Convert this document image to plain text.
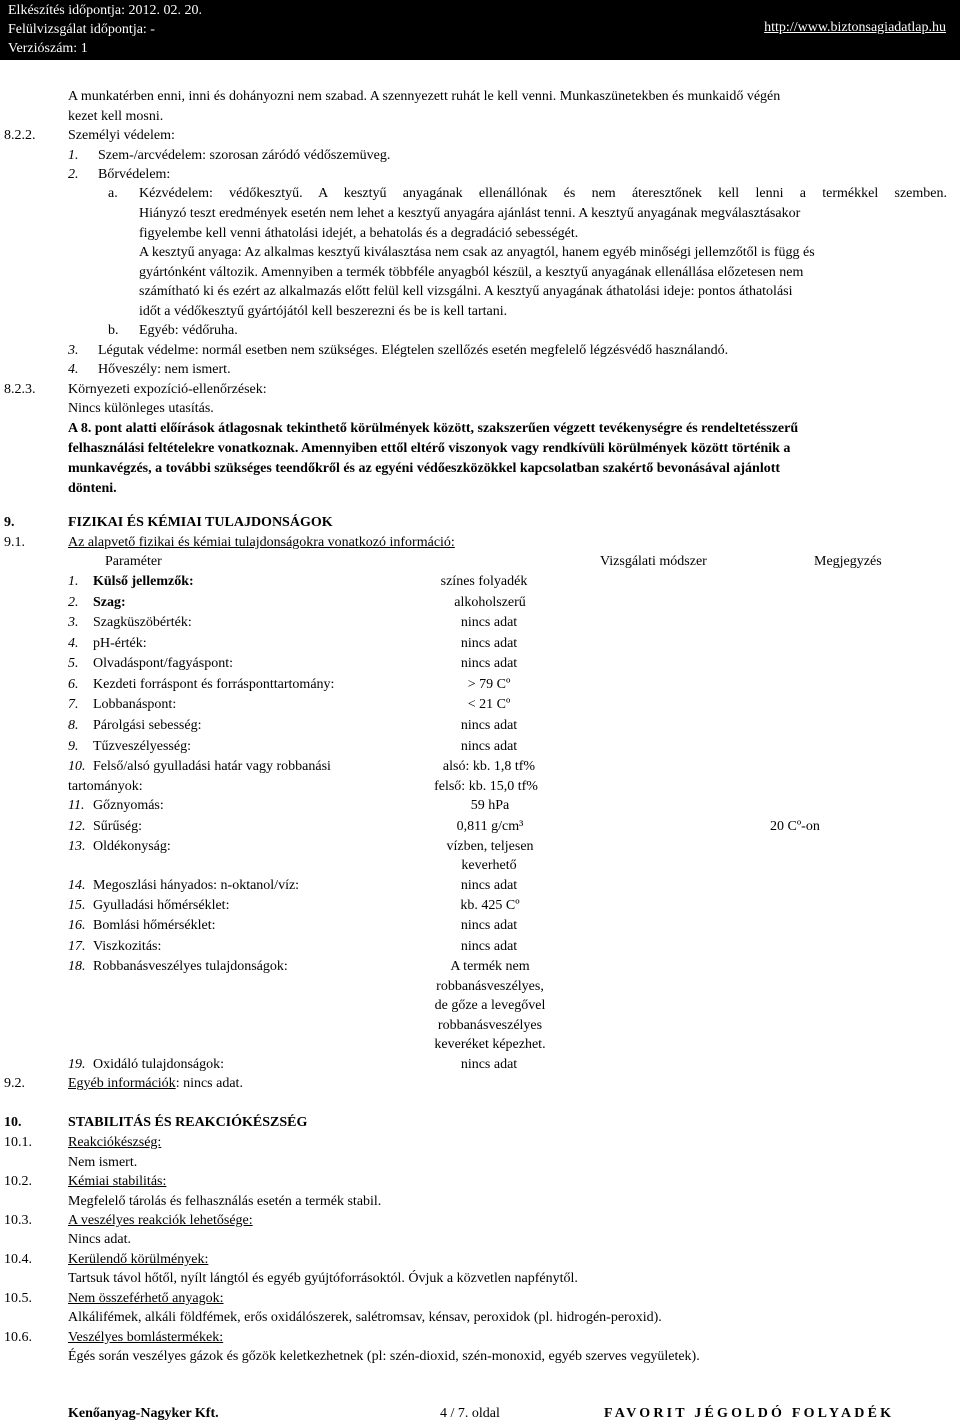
Elkészítés időpontja: 2012. 02. 20.
Felülvizsgálat időpontja: -
Verziószám: 1
http://www.biztonsagiadatlap.hu
A munkatérben enni, inni és dohányozni nem szabad. A szennyezett ruhát le kell venni. Munkaszünetekben és munkaidő végén
kezet kell mosni.
8.2.2. Személyi védelem:
1. Szem-/arcvédelem: szorosan záródó védőszemüveg.
2. Bőrvédelem:
a. Kézvédelem: védőkesztyű. A kesztyű anyagának ellenállónak és nem áteresztőnek kell lenni a termékkel szemben.
Hiányzó teszt eredmények esetén nem lehet a kesztyű anyagára ajánlást tenni. A kesztyű anyagának megválasztásakor
figyelembe kell venni áthatolási idejét, a behatolás és a degradáció sebességét.
A kesztyű anyaga: Az alkalmas kesztyű kiválasztása nem csak az anyagtól, hanem egyéb minőségi jellemzőtől is függ és
gyártónként változik. Amennyiben a termék többféle anyagból készül, a kesztyű anyagának ellenállása előzetesen nem
számítható ki és ezért az alkalmazás előtt felül kell vizsgálni. A kesztyű anyagának áthatolási ideje: pontos áthatolási
időt a védőkesztyű gyártójától kell beszerezni és be is kell tartani.
b. Egyéb: védőruha.
3. Légutak védelme: normál esetben nem szükséges. Elégtelen szellőzés esetén megfelelő légzésvédő használandó.
4. Hőveszély: nem ismert.
8.2.3. Környezeti expozíció-ellenőrzések:
Nincs különleges utasítás.
A 8. pont alatti előírások átlagosnak tekinthető körülmények között, szakszerűen végzett tevékenységre és rendeltetésszerű
felhasználási feltételekre vonatkoznak. Amennyiben ettől eltérő viszonyok vagy rendkívüli körülmények között történik a
munkavégzés, a további szükséges teendőkről és az egyéni védőeszközökkel kapcsolatban szakértő bevonásával ajánlott
dönteni.
9.	FIZIKAI ÉS KÉMIAI TULAJDONSÁGOK
9.1.	Az alapvető fizikai és kémiai tulajdonságokra vonatkozó információ:
Paraméter	Vizsgálati módszer	Megjegyzés
1. Külső jellemzők:	színes folyadék
2. Szag:	alkoholszerű
3. Szagküszöbérték:	nincs adat
4. pH-érték:	nincs adat
5. Olvadáspont/fagyáspont:	nincs adat
6. Kezdeti forráspont és forrásponttartomány:	> 79 Cº
7. Lobbanáspont:	< 21 Cº
8. Párolgási sebesség:	nincs adat
9. Tűzveszélyesség:	nincs adat
10. Felső/alsó gyulladási határ vagy robbanási
tartományok:
alsó: kb. 1,8 tf%
felső: kb. 15,0 tf%
11. Gőznyomás:	59 hPa
12. Sűrűség:	0,811 g/cm³	20 Cº-on
13. Oldékonyság:	vízben, teljesen
keverhető
14. Megoszlási hányados: n-oktanol/víz:	nincs adat
15. Gyulladási hőmérséklet:	kb. 425 Cº
16. Bomlási hőmérséklet:	nincs adat
17. Viszkozitás:	nincs adat
18. Robbanásveszélyes tulajdonságok:	A termék nem
robbanásveszélyes,
de gőze a levegővel
robbanásveszélyes
keveréket képezhet.
19. Oxidáló tulajdonságok:	nincs adat
9.2.	Egyéb információk: nincs adat.
10.	STABILITÁS ÉS REAKCIÓKÉSZSÉG
10.1.	Reakciókészség:
Nem ismert.
10.2.	Kémiai stabilitás:
Megfelelő tárolás és felhasználás esetén a termék stabil.
10.3.	A veszélyes reakciók lehetősége:
Nincs adat.
10.4.	Kerülendő körülmények:
Tartsuk távol hőtől, nyílt lángtól és egyéb gyújtóforrásoktól. Óvjuk a közvetlen napfénytől.
10.5.	Nem összeférhető anyagok:
Alkálifémek, alkáli földfémek, erős oxidálószerek, salétromsav, kénsav, peroxidok (pl. hidrogén-peroxid).
10.6.	Veszélyes bomlástermékek:
Égés során veszélyes gázok és gőzök keletkezhetnek (pl: szén-dioxid, szén-monoxid, egyéb szerves vegyületek).
Kenőanyag-Nagyker Kft.	4 / 7. oldal	FAVORIT JÉGOLDÓ FOLYADÉK
